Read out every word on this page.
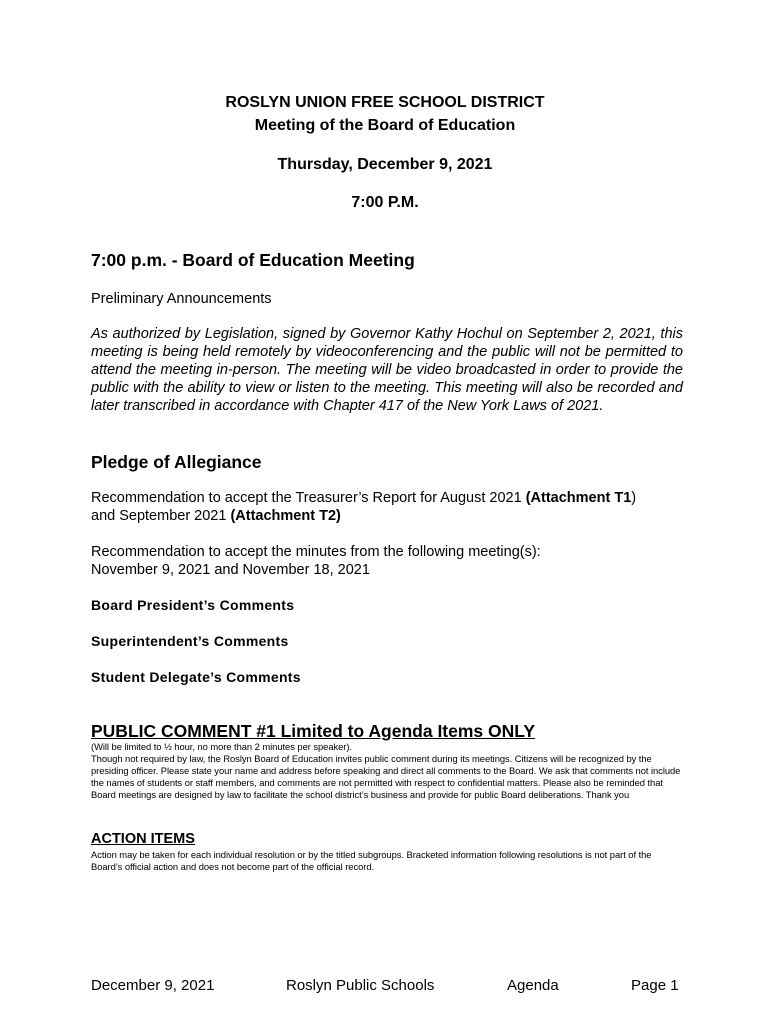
ROSLYN UNION FREE SCHOOL DISTRICT
Meeting of the Board of Education
Thursday, December 9, 2021
7:00 P.M.
7:00 p.m. - Board of Education Meeting
Preliminary Announcements
As authorized by Legislation, signed by Governor Kathy Hochul on September 2, 2021, this meeting is being held remotely by videoconferencing and the public will not be permitted to attend the meeting in-person. The meeting will be video broadcasted in order to provide the public with the ability to view or listen to the meeting. This meeting will also be recorded and later transcribed in accordance with Chapter 417 of the New York Laws of 2021.
Pledge of Allegiance
Recommendation to accept the Treasurer’s Report for August 2021 (Attachment T1) and September 2021 (Attachment T2)
Recommendation to accept the minutes from the following meeting(s):
November 9, 2021 and November 18, 2021
Board President’s Comments
Superintendent’s Comments
Student Delegate’s Comments
PUBLIC COMMENT #1 Limited to Agenda Items ONLY
(Will be limited to ½ hour, no more than 2 minutes per speaker).
Though not required by law, the Roslyn Board of Education invites public comment during its meetings. Citizens will be recognized by the presiding officer. Please state your name and address before speaking and direct all comments to the Board. We ask that comments not include the names of students or staff members, and comments are not permitted with respect to confidential matters. Please also be reminded that Board meetings are designed by law to facilitate the school district’s business and provide for public Board deliberations. Thank you
ACTION ITEMS
Action may be taken for each individual resolution or by the titled subgroups. Bracketed information following resolutions is not part of the Board’s official action and does not become part of the official record.
December 9, 2021	Roslyn Public Schools	Agenda	Page 1
